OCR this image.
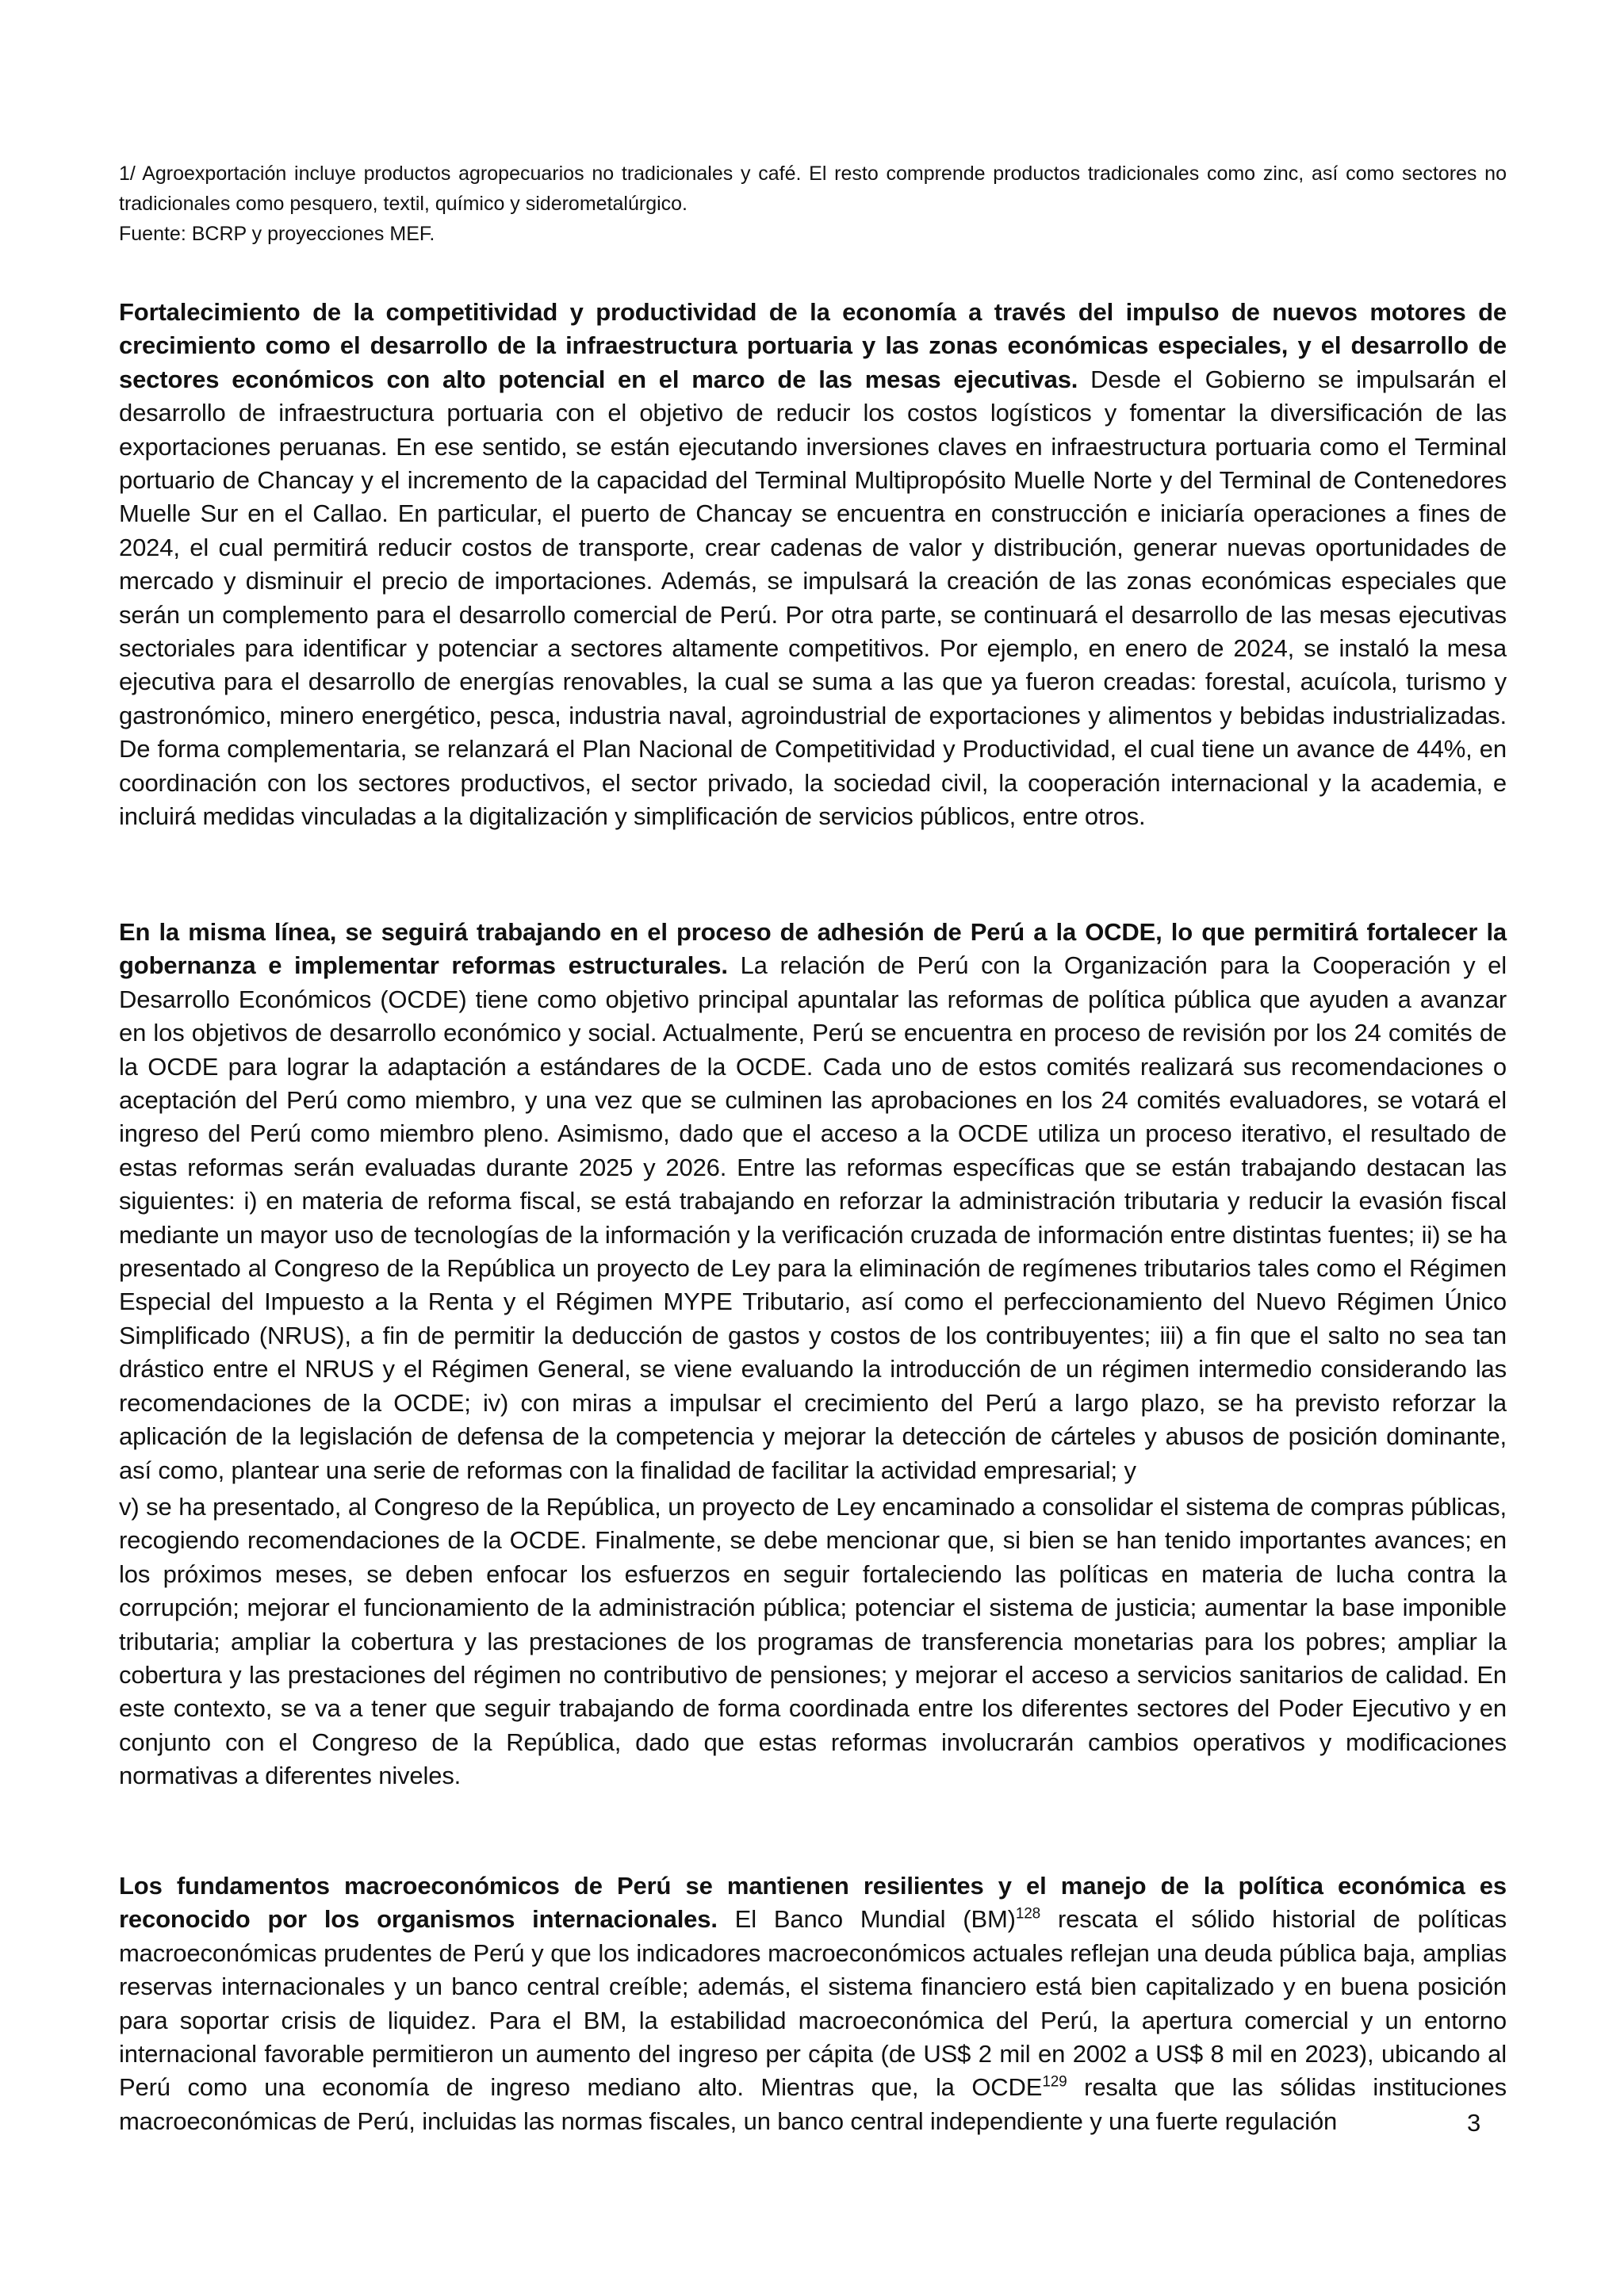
1/ Agroexportación incluye productos agropecuarios no tradicionales y café. El resto comprende productos tradicionales como zinc, así como sectores no tradicionales como pesquero, textil, químico y siderometalúrgico.

Fuente: BCRP y proyecciones MEF.

Fortalecimiento de la competitividad y productividad de la economía a través del impulso de nuevos motores de crecimiento como el desarrollo de la infraestructura portuaria y las zonas económicas especiales, y el desarrollo de sectores económicos con alto potencial en el marco de las mesas ejecutivas. Desde el Gobierno se impulsarán el desarrollo de infraestructura portuaria con el objetivo de reducir los costos logísticos y fomentar la diversificación de las exportaciones peruanas. En ese sentido, se están ejecutando inversiones claves en infraestructura portuaria como el Terminal portuario de Chancay y el incremento de la capacidad del Terminal Multipropósito Muelle Norte y del Terminal de Contenedores Muelle Sur en el Callao. En particular, el puerto de Chancay se encuentra en construcción e iniciaría operaciones a fines de 2024, el cual permitirá reducir costos de transporte, crear cadenas de valor y distribución, generar nuevas oportunidades de mercado y disminuir el precio de importaciones. Además, se impulsará la creación de las zonas económicas especiales que serán un complemento para el desarrollo comercial de Perú. Por otra parte, se continuará el desarrollo de las mesas ejecutivas sectoriales para identificar y potenciar a sectores altamente competitivos. Por ejemplo, en enero de 2024, se instaló la mesa ejecutiva para el desarrollo de energías renovables, la cual se suma a las que ya fueron creadas: forestal, acuícola, turismo y gastronómico, minero energético, pesca, industria naval, agroindustrial de exportaciones y alimentos y bebidas industrializadas. De forma complementaria, se relanzará el Plan Nacional de Competitividad y Productividad, el cual tiene un avance de 44%, en coordinación con los sectores productivos, el sector privado, la sociedad civil, la cooperación internacional y la academia, e incluirá medidas vinculadas a la digitalización y simplificación de servicios públicos, entre otros.

En la misma línea, se seguirá trabajando en el proceso de adhesión de Perú a la OCDE, lo que permitirá fortalecer la gobernanza e implementar reformas estructurales. La relación de Perú con la Organización para la Cooperación y el Desarrollo Económicos (OCDE) tiene como objetivo principal apuntalar las reformas de política pública que ayuden a avanzar en los objetivos de desarrollo económico y social. Actualmente, Perú se encuentra en proceso de revisión por los 24 comités de la OCDE para lograr la adaptación a estándares de la OCDE. Cada uno de estos comités realizará sus recomendaciones o aceptación del Perú como miembro, y una vez que se culminen las aprobaciones en los 24 comités evaluadores, se votará el ingreso del Perú como miembro pleno. Asimismo, dado que el acceso a la OCDE utiliza un proceso iterativo, el resultado de estas reformas serán evaluadas durante 2025 y 2026. Entre las reformas específicas que se están trabajando destacan las siguientes: i) en materia de reforma fiscal, se está trabajando en reforzar la administración tributaria y reducir la evasión fiscal mediante un mayor uso de tecnologías de la información y la verificación cruzada de información entre distintas fuentes; ii) se ha presentado al Congreso de la República un proyecto de Ley para la eliminación de regímenes tributarios tales como el Régimen Especial del Impuesto a la Renta y el Régimen MYPE Tributario, así como el perfeccionamiento del Nuevo Régimen Único Simplificado (NRUS), a fin de permitir la deducción de gastos y costos de los contribuyentes; iii) a fin que el salto no sea tan drástico entre el NRUS y el Régimen General, se viene evaluando la introducción de un régimen intermedio considerando las recomendaciones de la OCDE; iv) con miras a impulsar el crecimiento del Perú a largo plazo, se ha previsto reforzar la aplicación de la legislación de defensa de la competencia y mejorar la detección de cárteles y abusos de posición dominante, así como, plantear una serie de reformas con la finalidad de facilitar la actividad empresarial; y

v) se ha presentado, al Congreso de la República, un proyecto de Ley encaminado a consolidar el sistema de compras públicas, recogiendo recomendaciones de la OCDE. Finalmente, se debe mencionar que, si bien se han tenido importantes avances; en los próximos meses, se deben enfocar los esfuerzos en seguir fortaleciendo las políticas en materia de lucha contra la corrupción; mejorar el funcionamiento de la administración pública; potenciar el sistema de justicia; aumentar la base imponible tributaria; ampliar la cobertura y las prestaciones de los programas de transferencia monetarias para los pobres; ampliar la cobertura y las prestaciones del régimen no contributivo de pensiones; y mejorar el acceso a servicios sanitarios de calidad. En este contexto, se va a tener que seguir trabajando de forma coordinada entre los diferentes sectores del Poder Ejecutivo y en conjunto con el Congreso de la República, dado que estas reformas involucrarán cambios operativos y modificaciones normativas a diferentes niveles.

Los fundamentos macroeconómicos de Perú se mantienen resilientes y el manejo de la política económica es reconocido por los organismos internacionales. El Banco Mundial (BM)$^{128}$ rescata el sólido historial de políticas macroeconómicas prudentes de Perú y que los indicadores macroeconómicos actuales reflejan una deuda pública baja, amplias reservas internacionales y un banco central creíble; además, el sistema financiero está bien capitalizado y en buena posición para soportar crisis de liquidez. Para el BM, la estabilidad macroeconómica del Perú, la apertura comercial y un entorno internacional favorable permitieron un aumento del ingreso per cápita (de US$ 2 mil en 2002 a US$ 8 mil en 2023), ubicando al Perú como una economía de ingreso mediano alto. Mientras que, la OCDE$^{129}$ resalta que las sólidas instituciones macroeconómicas de Perú, incluidas las normas fiscales, un banco central independiente y una fuerte regulación	3
